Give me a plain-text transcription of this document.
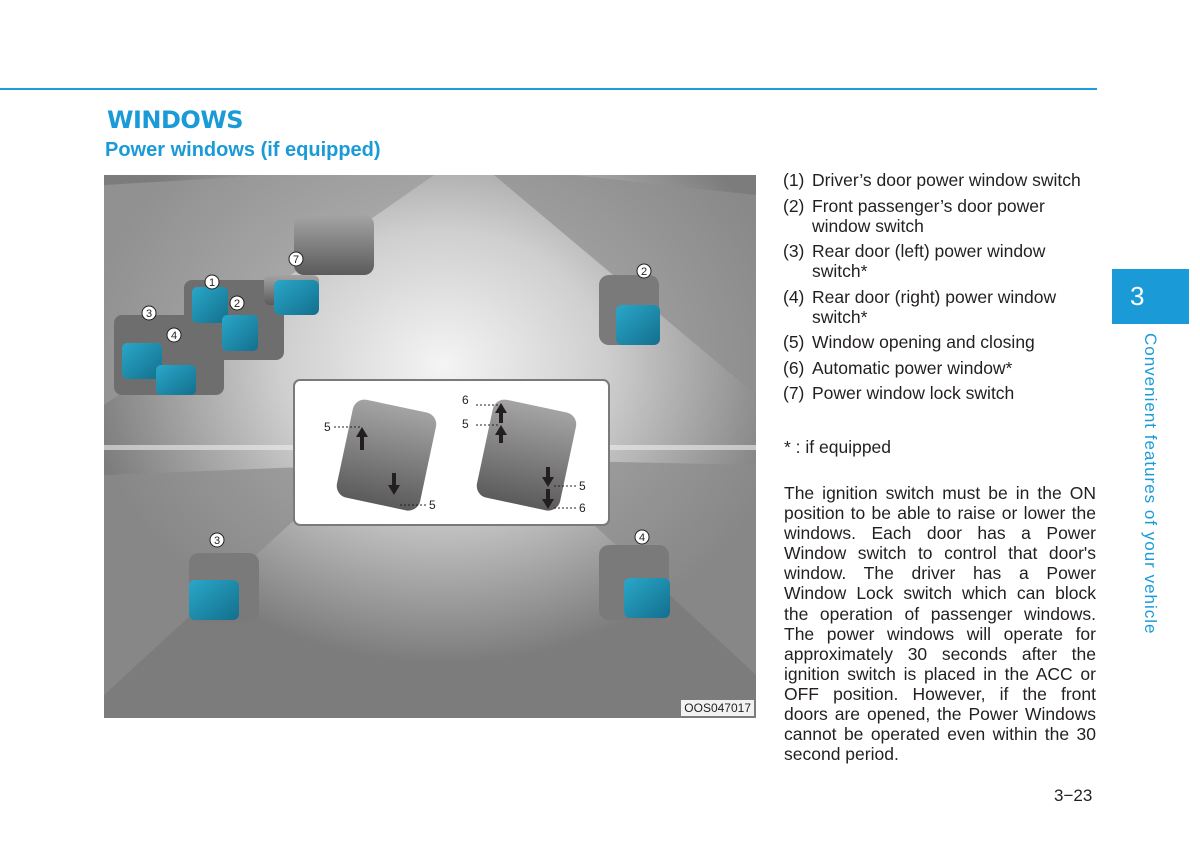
WINDOWS
Power windows (if equipped)
1
2
3
4
7
2
3	4
5
5
6
5
5
6
OOS047017
(1) Driver’s door power window switch
(2) Front passenger’s door power window switch
(3) Rear door (left) power window switch*
(4) Rear door (right) power window switch*
(5) Window opening and closing
(6) Automatic power window*
(7) Power window lock switch
* : if equipped

The ignition switch must be in the ON position to be able to raise or lower the windows. Each door has a Power Window switch to control that door's window. The driver has a Power Window Lock switch which can block the operation of passenger windows. The power windows will operate for approximately 30 seconds after the ignition switch is placed in the ACC or OFF position. However, if the front doors are opened, the Power Windows cannot be operated even within the 30 second period.

3
Convenient features of your vehicle
3−23
